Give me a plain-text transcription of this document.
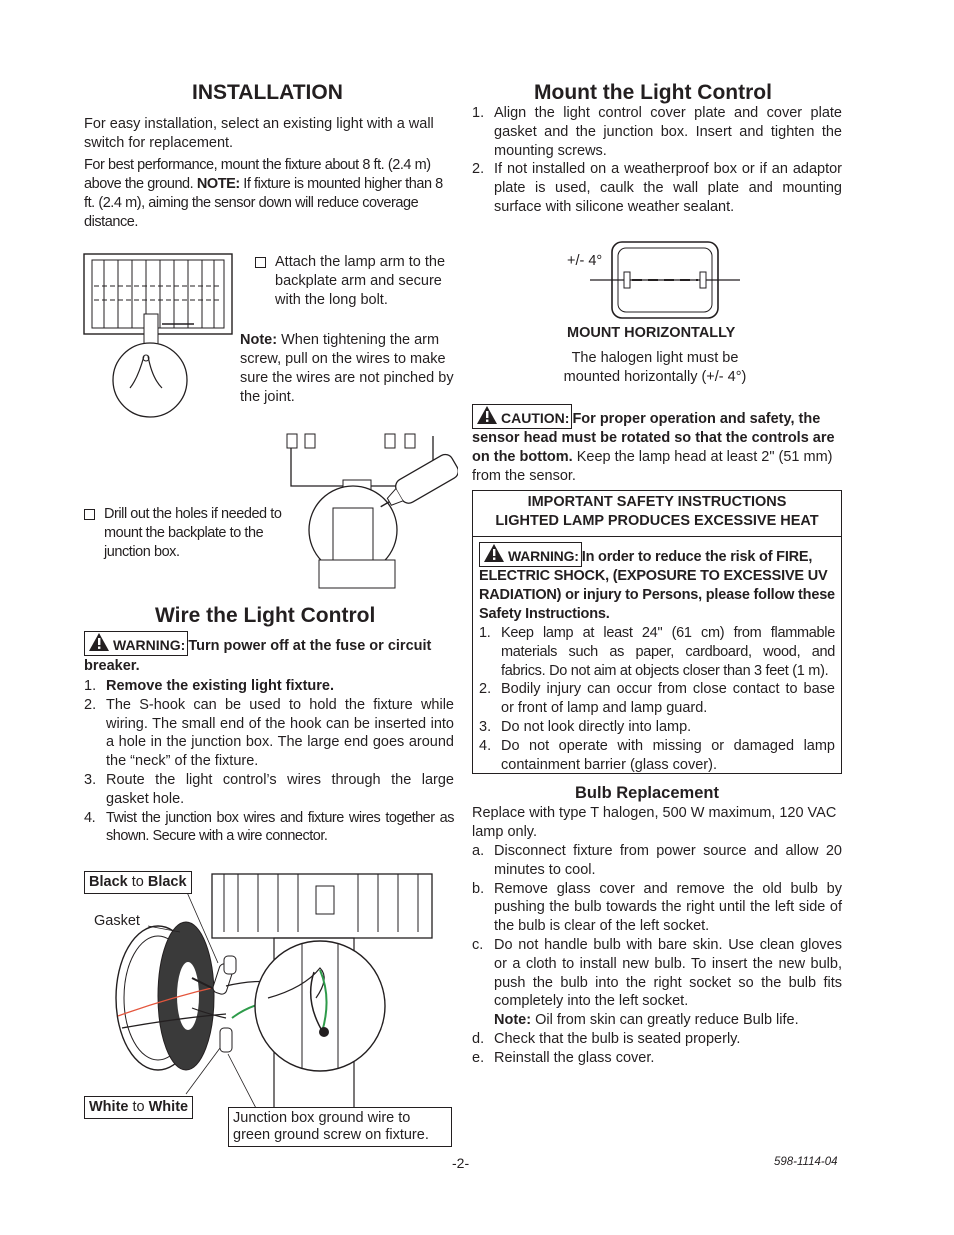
INSTALLATION
For easy installation, select an existing light with a wall switch for replacement.
For best performance, mount the fixture about 8 ft. (2.4 m) above the ground. NOTE: If fixture is mounted higher than 8 ft. (2.4 m), aiming the sensor down will reduce coverage distance.
Attach the lamp arm to the backplate arm and secure with the long bolt.
Note: When tightening the arm screw, pull on the wires to make sure the wires are not pinched by the joint.
Drill out the holes if needed to mount the backplate to the junction box.
Wire the Light Control
WARNING: Turn power off at the fuse or circuit
breaker.
1. Remove the existing light fixture.
2. The S-hook can be used to hold the fixture while wiring. The small end of the hook can be inserted into a hole in the junction box. The large end goes around the “neck” of the fixture.
3. Route the light control’s wires through the large gasket hole.
4. Twist the junction box wires and fixture wires together as shown. Secure with a wire connector.
Black to Black
Gasket
White to White
Junction box ground wire to green ground screw on fixture.
Mount the Light Control
1. Align the light control cover plate and cover plate gasket and the junction box. Insert and tighten the mounting screws.
2. If not installed on a weatherproof box or if an adaptor plate is used, caulk the wall plate and mounting surface with silicone weather sealant.
+/- 4°
MOUNT HORIZONTALLY
The halogen light must be
mounted horizontally (+/- 4°)
CAUTION: For proper operation and safety, the sensor head must be rotated so that the controls are on the bottom. Keep the lamp head at least 2" (51 mm) from the sensor.
IMPORTANT SAFETY INSTRUCTIONS
LIGHTED LAMP PRODUCES EXCESSIVE HEAT
WARNING: In order to reduce the risk of FIRE, ELECTRIC SHOCK, (EXPOSURE TO EXCESSIVE UV RADIATION) or injury to Persons, please follow these Safety Instructions.
1. Keep lamp at least 24" (61 cm) from flammable materials such as paper, cardboard, wood, and fabrics. Do not aim at objects closer than 3 feet (1 m).
2. Bodily injury can occur from close contact to base or front of lamp and lamp guard.
3. Do not look directly into lamp.
4. Do not operate with missing or damaged lamp containment barrier (glass cover).
Bulb Replacement
Replace with type T halogen, 500 W maximum, 120 VAC lamp only.
a. Disconnect fixture from power source and allow 20 minutes to cool.
b. Remove glass cover and remove the old bulb by pushing the bulb towards the right until the left side of the bulb is clear of the left socket.
c. Do not handle bulb with bare skin. Use clean gloves or a cloth to install new bulb. To insert the new bulb, push the bulb into the right socket so the bulb fits completely into the left socket.
Note: Oil from skin can greatly reduce Bulb life.
d. Check that the bulb is seated properly.
e. Reinstall the glass cover.
-2-	598-1114-04
